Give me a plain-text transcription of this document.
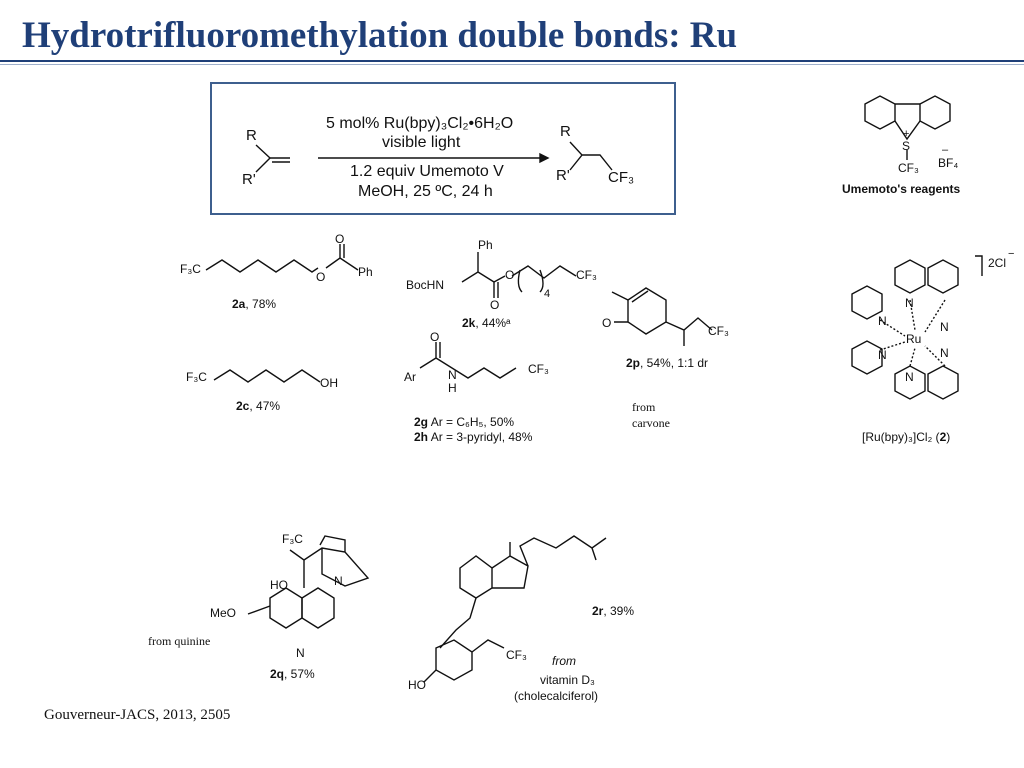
Hydrotrifluoromethylation double bonds: Ru
R
R'
5 mol% Ru(bpy)₃Cl₂•6H₂O
visible light
1.2 equiv Umemoto V
MeOH, 25 ºC, 24 h
R
R'	CF₃
+
S	–
BF₄
CF₃
Umemoto's reagents
F₃C
O
O
Ph
2a, 78%
F₃C	OH
2c, 47%
Ph
BocHN
O
O
4
CF₃
2k, 44%ᵃ
O
Ar	N
H
CF₃
2g Ar = C₆H₅, 50%
2h Ar = 3-pyridyl, 48%
O
CF₃
2p, 54%, 1:1 dr
from
carvone
2Cl
−
Ru
N
N
N
N	N
N
[Ru(bpy)₃]Cl₂ (2)
F₃C
HO	N
MeO
N
2q, 57%
from quinine
CF₃
HO
2r, 39%
from
vitamin D₃
(cholecalciferol)
Gouverneur-JACS, 2013, 2505
